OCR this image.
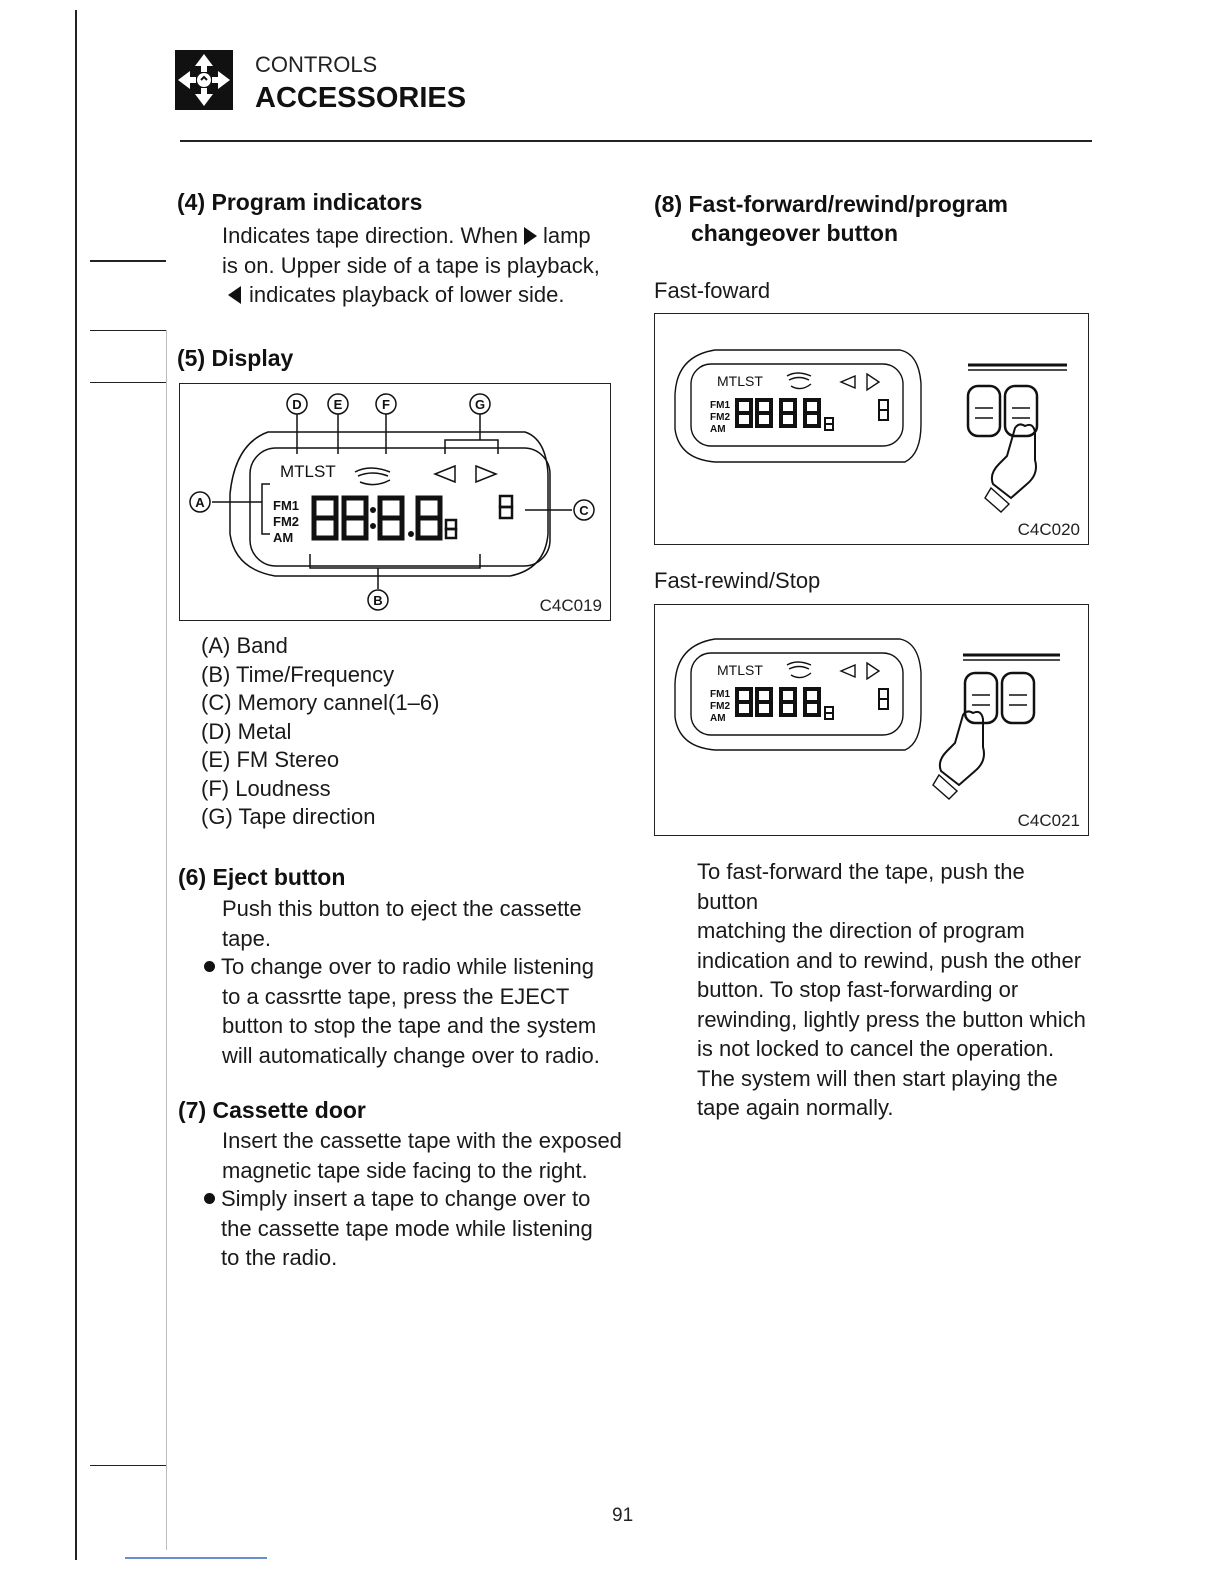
CONTROLS
ACCESSORIES
(4) Program indicators
Indicates tape direction. When lamp
is on. Upper side of a tape is playback,
indicates playback of lower side.
(5) Display
D E	F	G
A
C
B
MTLST
FM1
FM2
AM
C4C019
(A) Band
(B) Time/Frequency
(C) Memory cannel(1–6)
(D) Metal
(E) FM Stereo
(F) Loudness
(G) Tape direction
(6) Eject button
Push this button to eject the cassette
tape.
To change over to radio while listening
to a cassrtte tape, press the EJECT
button to stop the tape and the system
will automatically change over to radio.
(7) Cassette door
Insert the cassette tape with the exposed
magnetic tape side facing to the right.
Simply insert a tape to change over to
the cassette tape mode while listening
to the radio.
(8) Fast-forward/rewind/program
changeover button
Fast-foward
MTLST
FM1
FM2
AM
C4C020
Fast-rewind/Stop
MTLST
FM1
FM2
AM
C4C021
To fast-forward the tape, push the button
matching the direction of program
indication and to rewind, push the other
button. To stop fast-forwarding or
rewinding, lightly press the button which
is not locked to cancel the operation.
The system will then start playing the
tape again normally.
91
